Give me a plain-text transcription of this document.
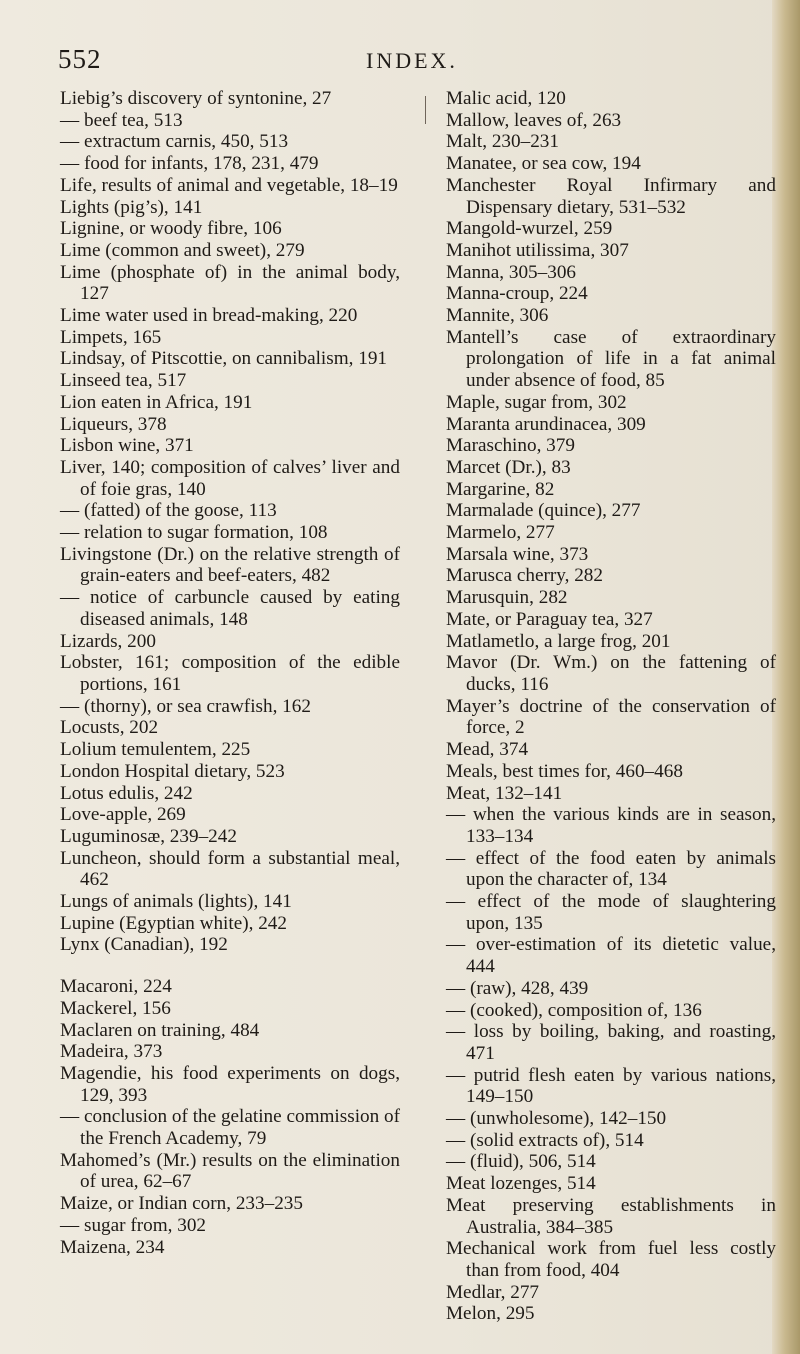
552	INDEX.
Liebig’s discovery of syntonine, 27
— beef tea, 513
— extractum carnis, 450, 513
— food for infants, 178, 231, 479
Life, results of animal and vegetable, 18–19
Lights (pig’s), 141
Lignine, or woody fibre, 106
Lime (common and sweet), 279
Lime (phosphate of) in the animal body, 127
Lime water used in bread-making, 220
Limpets, 165
Lindsay, of Pitscottie, on cannibalism, 191
Linseed tea, 517
Lion eaten in Africa, 191
Liqueurs, 378
Lisbon wine, 371
Liver, 140; composition of calves’ liver and of foie gras, 140
— (fatted) of the goose, 113
— relation to sugar formation, 108
Livingstone (Dr.) on the relative strength of grain-eaters and beef-eaters, 482
— notice of carbuncle caused by eating diseased animals, 148
Lizards, 200
Lobster, 161; composition of the edible portions, 161
— (thorny), or sea crawfish, 162
Locusts, 202
Lolium temulentem, 225
London Hospital dietary, 523
Lotus edulis, 242
Love-apple, 269
Luguminosæ, 239–242
Luncheon, should form a substantial meal, 462
Lungs of animals (lights), 141
Lupine (Egyptian white), 242
Lynx (Canadian), 192
Macaroni, 224
Mackerel, 156
Maclaren on training, 484
Madeira, 373
Magendie, his food experiments on dogs, 129, 393
— conclusion of the gelatine commission of the French Academy, 79
Mahomed’s (Mr.) results on the elimination of urea, 62–67
Maize, or Indian corn, 233–235
— sugar from, 302
Maizena, 234
Malic acid, 120
Mallow, leaves of, 263
Malt, 230–231
Manatee, or sea cow, 194
Manchester Royal Infirmary and Dispensary dietary, 531–532
Mangold-wurzel, 259
Manihot utilissima, 307
Manna, 305–306
Manna-croup, 224
Mannite, 306
Mantell’s case of extraordinary prolongation of life in a fat animal under absence of food, 85
Maple, sugar from, 302
Maranta arundinacea, 309
Maraschino, 379
Marcet (Dr.), 83
Margarine, 82
Marmalade (quince), 277
Marmelo, 277
Marsala wine, 373
Marusca cherry, 282
Marusquin, 282
Mate, or Paraguay tea, 327
Matlametlo, a large frog, 201
Mavor (Dr. Wm.) on the fattening of ducks, 116
Mayer’s doctrine of the conservation of force, 2
Mead, 374
Meals, best times for, 460–468
Meat, 132–141
— when the various kinds are in season, 133–134
— effect of the food eaten by animals upon the character of, 134
— effect of the mode of slaughtering upon, 135
— over-estimation of its dietetic value, 444
— (raw), 428, 439
— (cooked), composition of, 136
— loss by boiling, baking, and roasting, 471
— putrid flesh eaten by various nations, 149–150
— (unwholesome), 142–150
— (solid extracts of), 514
— (fluid), 506, 514
Meat lozenges, 514
Meat preserving establishments in Australia, 384–385
Mechanical work from fuel less costly than from food, 404
Medlar, 277
Melon, 295
